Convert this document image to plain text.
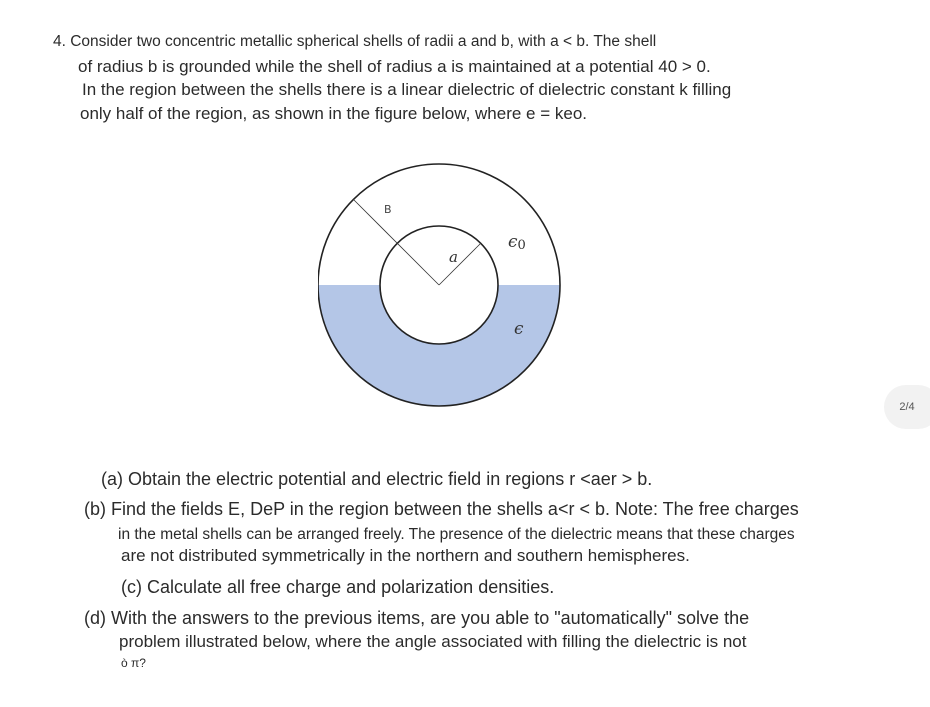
4. Consider two concentric metallic spherical shells of radii a and b, with a < b. The shell
of radius b is grounded while the shell of radius a is maintained at a potential 40 > 0.
In the region between the shells there is a linear dielectric of dielectric constant k filling
only half of the region, as shown in the figure below, where e = keo.
B
a
ϵ0
ϵ
(a) Obtain the electric potential and electric field in regions r <aer > b.
(b) Find the fields E, DeP in the region between the shells a<r < b. Note: The free charges
in the metal shells can be arranged freely. The presence of the dielectric means that these charges
are not distributed symmetrically in the northern and southern hemispheres.
(c) Calculate all free charge and polarization densities.
(d) With the answers to the previous items, are you able to "automatically" solve the
problem illustrated below, where the angle associated with filling the dielectric is not
ò π?
2/4
